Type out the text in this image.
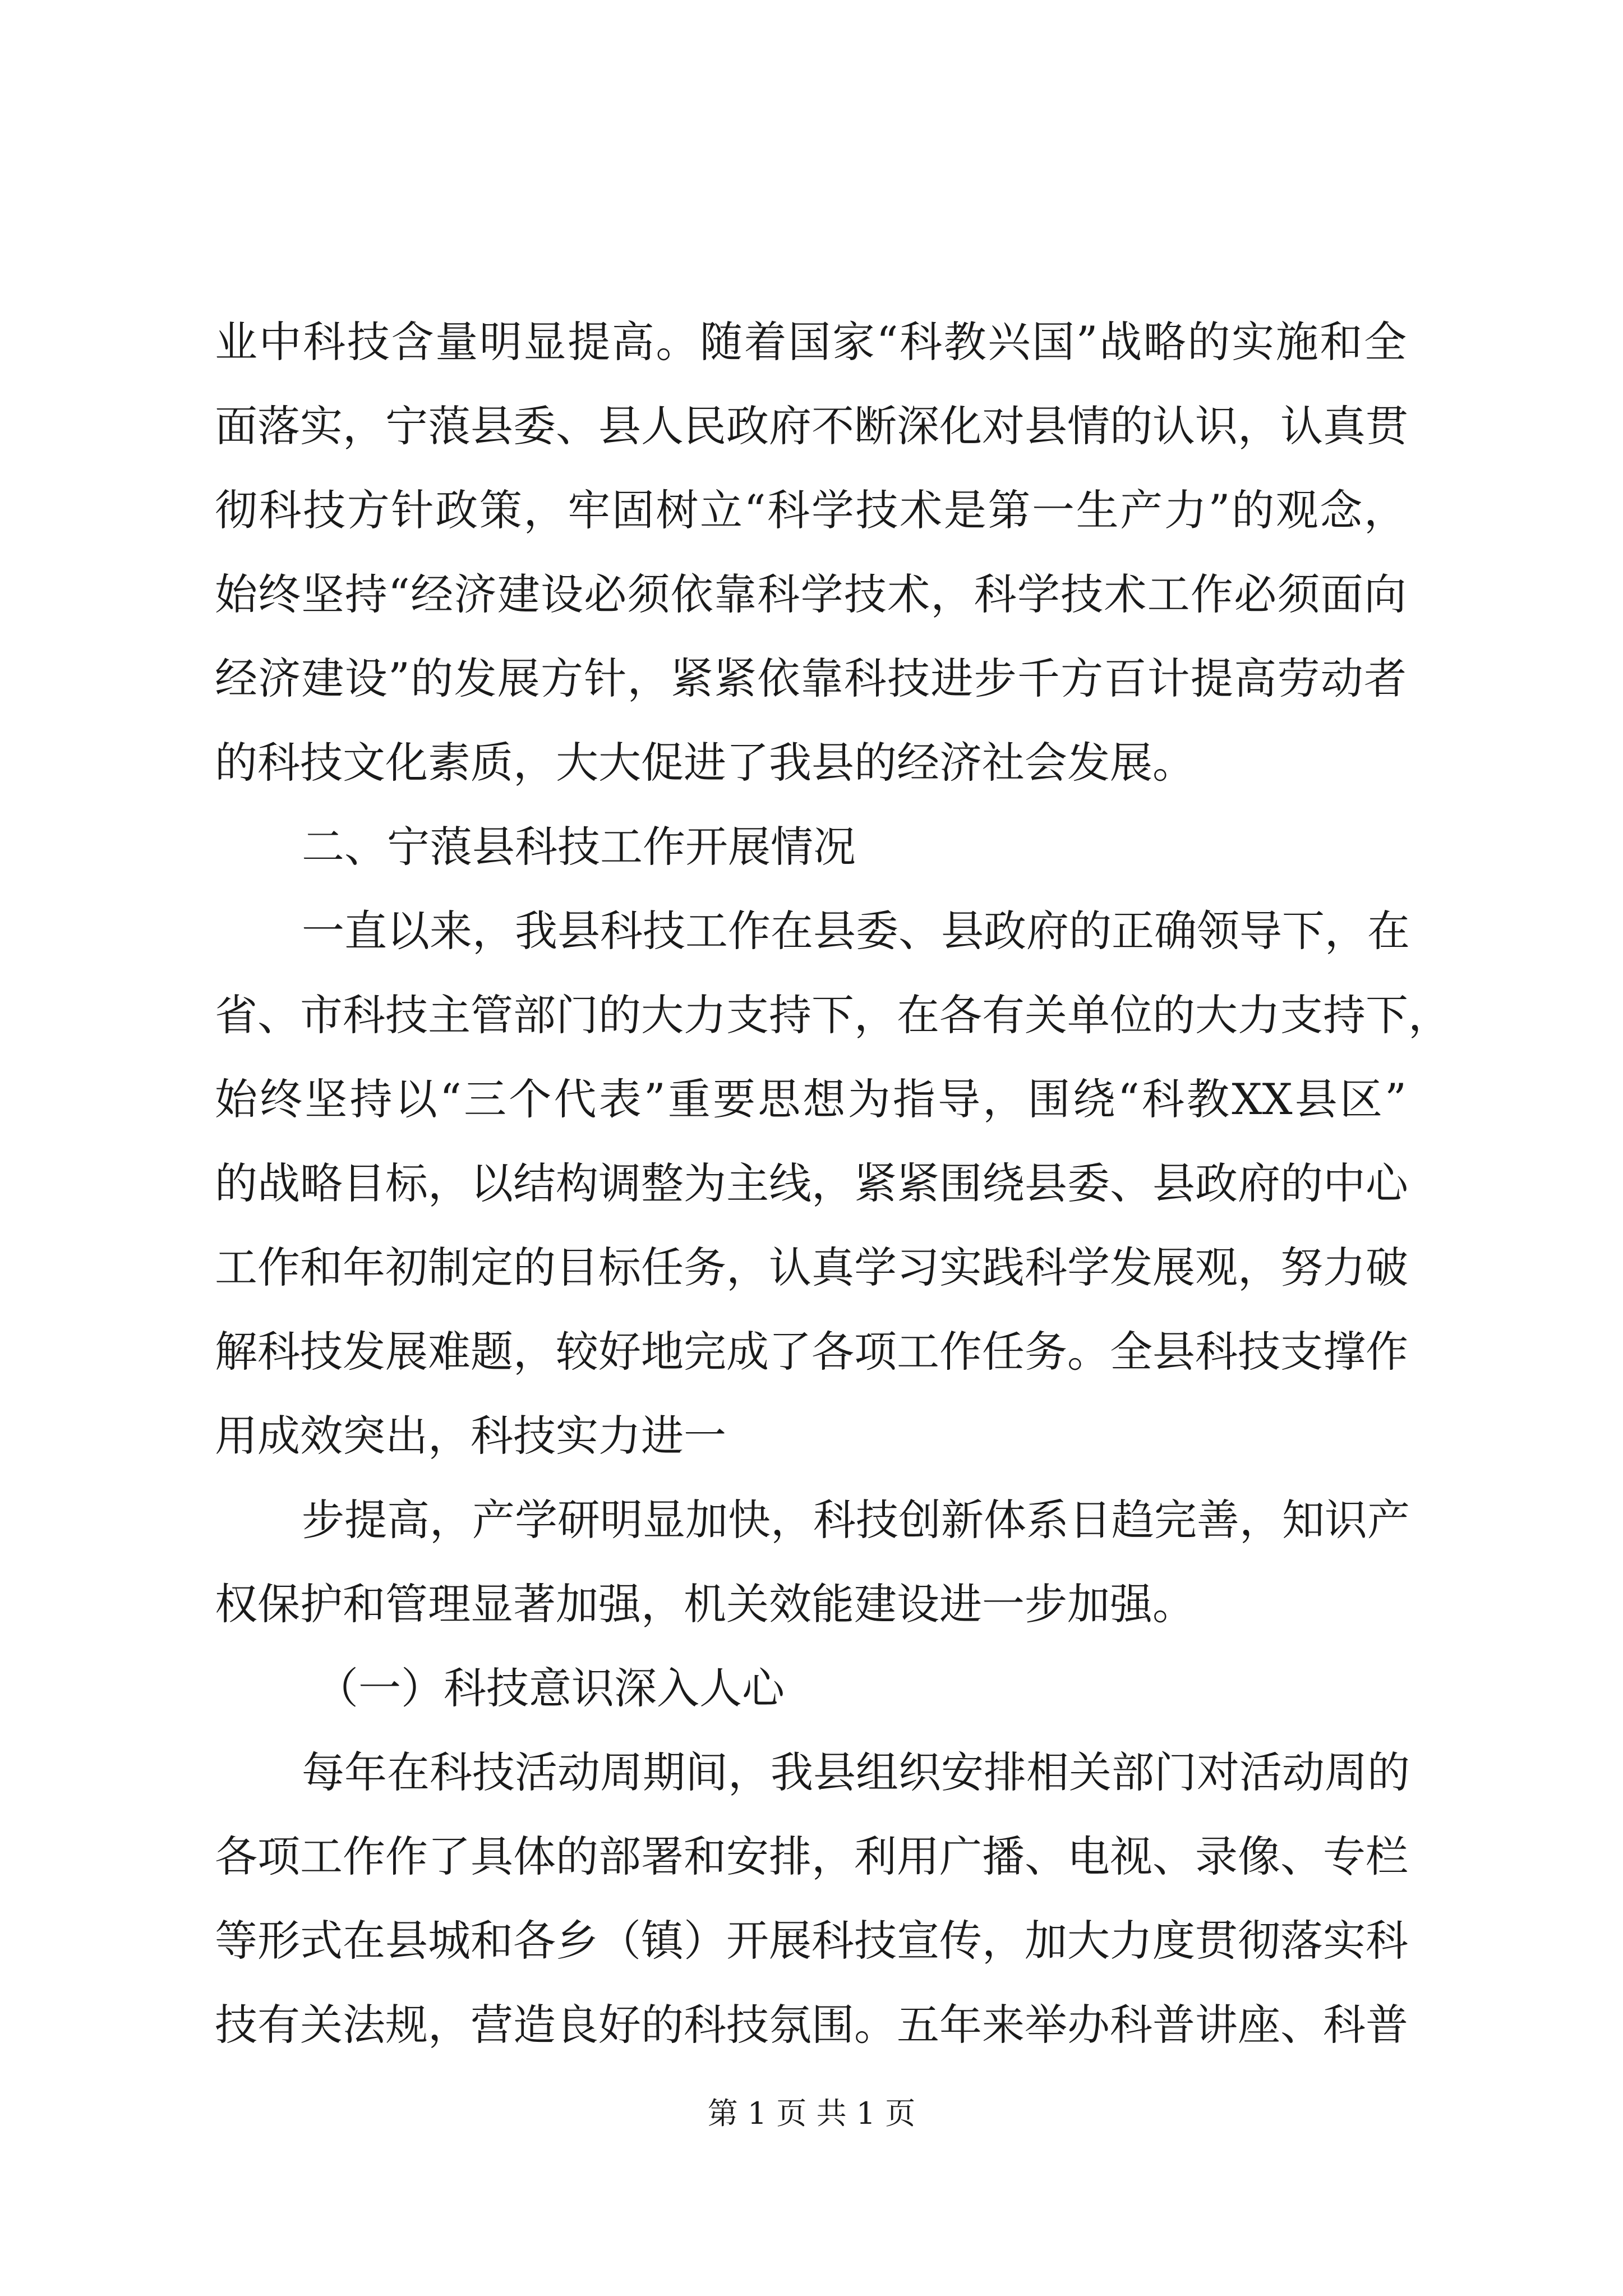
业中科技含量明显提高。随着国家“科教兴国”战略的实施和全
面落实，宁蒗县委、县人民政府不断深化对县情的认识，认真贯
彻科技方针政策，牢固树立“科学技术是第一生产力”的观念，
始终坚持“经济建设必须依靠科学技术，科学技术工作必须面向
经济建设”的发展方针，紧紧依靠科技进步千方百计提高劳动者
的科技文化素质，大大促进了我县的经济社会发展。
二、宁蒗县科技工作开展情况
一直以来，我县科技工作在县委、县政府的正确领导下，在
省、市科技主管部门的大力支持下，在各有关单位的大力支持下，
始终坚持以“三个代表”重要思想为指导，围绕“科教XX县区”
的战略目标，以结构调整为主线，紧紧围绕县委、县政府的中心
工作和年初制定的目标任务，认真学习实践科学发展观，努力破
解科技发展难题，较好地完成了各项工作任务。全县科技支撑作
用成效突出，科技实力进一
步提高，产学研明显加快，科技创新体系日趋完善，知识产
权保护和管理显著加强，机关效能建设进一步加强。
（一）科技意识深入人心
每年在科技活动周期间，我县组织安排相关部门对活动周的
各项工作作了具体的部署和安排，利用广播、电视、录像、专栏
等形式在县城和各乡（镇）开展科技宣传，加大力度贯彻落实科
技有关法规，营造良好的科技氛围。五年来举办科普讲座、科普
第 1 页 共 1 页
